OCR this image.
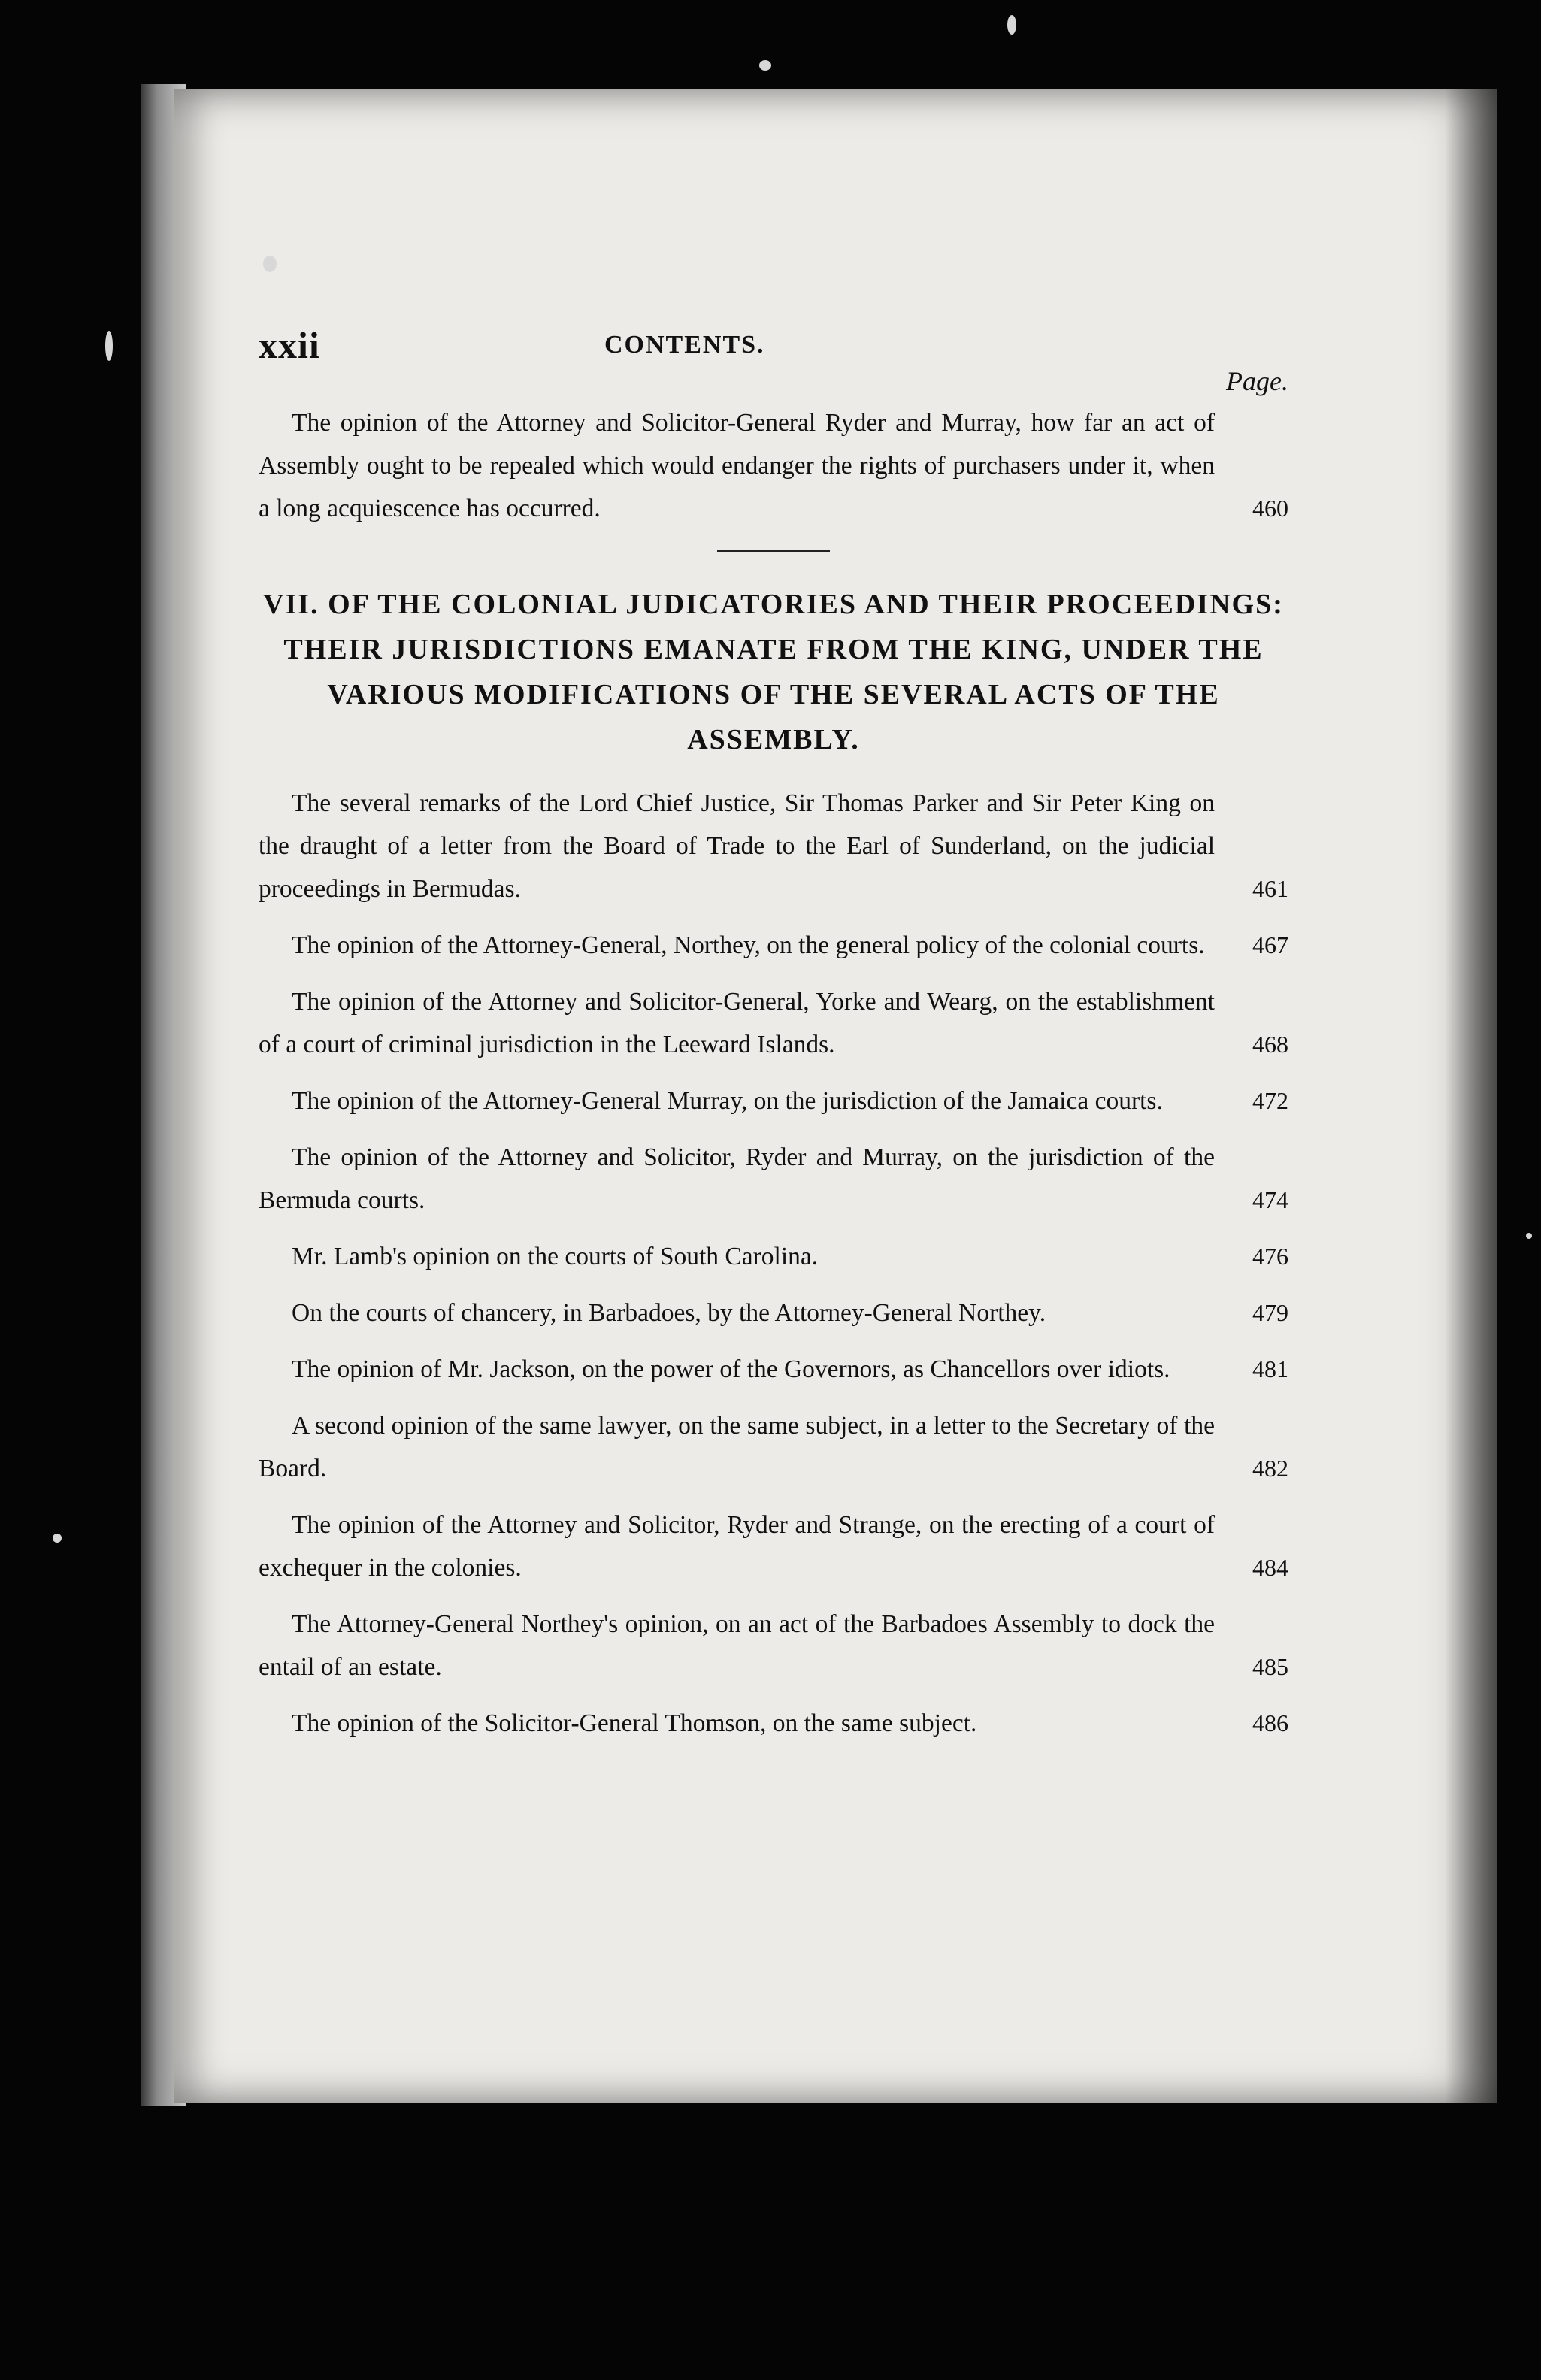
xxii	CONTENTS.
Page.
The opinion of the Attorney and Solicitor-General Ryder and Murray, how far an act of Assembly ought to be repealed which would endanger the rights of purchasers under it, when a long acquiescence has occurred.	460
VII. OF THE COLONIAL JUDICATORIES AND THEIR PROCEEDINGS: THEIR JURISDICTIONS EMANATE FROM THE KING, UNDER THE VARIOUS MODIFICATIONS OF THE SEVERAL ACTS OF THE ASSEMBLY.
The several remarks of the Lord Chief Justice, Sir Thomas Parker and Sir Peter King on the draught of a letter from the Board of Trade to the Earl of Sunderland, on the judicial proceedings in Bermudas.	461
The opinion of the Attorney-General, Northey, on the general policy of the colonial courts.	467
The opinion of the Attorney and Solicitor-General, Yorke and Wearg, on the establishment of a court of criminal jurisdiction in the Leeward Islands.	468
The opinion of the Attorney-General Murray, on the jurisdiction of the Jamaica courts.	472
The opinion of the Attorney and Solicitor, Ryder and Murray, on the jurisdiction of the Bermuda courts.	474
Mr. Lamb's opinion on the courts of South Carolina.	476
On the courts of chancery, in Barbadoes, by the Attorney-General Northey.	479
The opinion of Mr. Jackson, on the power of the Governors, as Chancellors over idiots.	481
A second opinion of the same lawyer, on the same subject, in a letter to the Secretary of the Board.	482
The opinion of the Attorney and Solicitor, Ryder and Strange, on the erecting of a court of exchequer in the colonies.	484
The Attorney-General Northey's opinion, on an act of the Barbadoes Assembly to dock the entail of an estate.	485
The opinion of the Solicitor-General Thomson, on the same subject.	486
